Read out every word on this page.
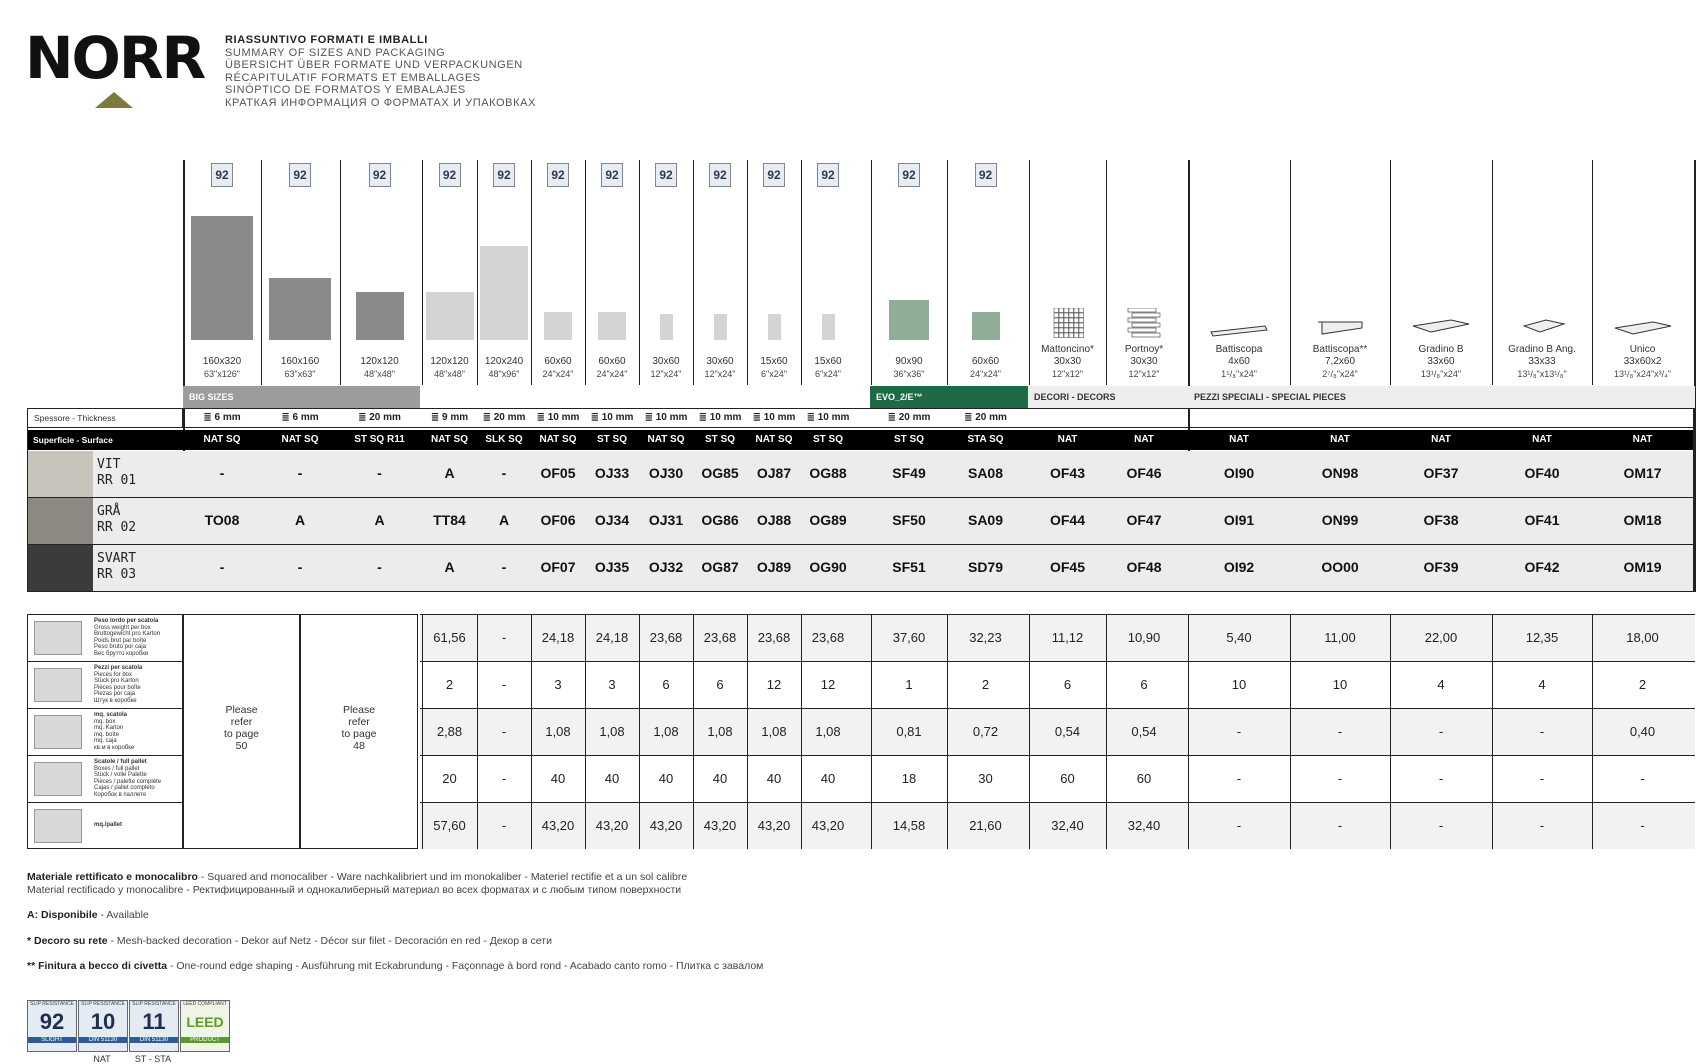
NORR RIASSUNTIVO FORMATI E IMBALLI
SUMMARY OF SIZES AND PACKAGING
ÜBERSICHT ÜBER FORMATE UND VERPACKUNGEN
RÉCAPITULATIF FORMATS ET EMBALLAGES
SINÓPTICO DE FORMATOS Y EMBALAJES
КРАТКАЯ ИНФОРМАЦИЯ О ФОРМАТАХ И УПАКОВКАХ
92
160x320
63"x126"
92
160x160
63"x63"
92
120x120
48"x48"
92
120x120
48"x48"
92
120x240
48"x96"
92
60x60
24"x24"
92
60x60
24"x24"
92
30x60
12"x24"
92
30x60
12"x24"
92
15x60
6"x24"
92
15x60
6"x24"
92
90x90
36"x36"
92
60x60
24"x24"
Mattoncino*
30x30
12"x12"
Portnoy*
30x30
12"x12"
Battiscopa
4x60
1⁵/₈"x24"
Battiscopa**
7,2x60
2⁷/₈"x24"
Gradino B
33x60
13¹/₈"x24"
Gradino B Ang.
33x33
13¹/₈"x13¹/₈"
Unico
33x60x2
13¹/₈"x24"x³/₄"
BIG SIZES	EVO_2/E™	DECORI - DECORS	PEZZI SPECIALI - SPECIAL PIECES
Spessore - Thickness	≣ 6 mm	≣ 6 mm	≣ 20 mm	≣ 9 mm	≣ 20 mm	≣ 10 mm	≣ 10 mm	≣ 10 mm	≣ 10 mm	≣ 10 mm	≣ 10 mm	≣ 20 mm	≣ 20 mm
Superficie - Surface	NAT SQ	NAT SQ	ST SQ R11	NAT SQ	SLK SQ	NAT SQ	ST SQ	NAT SQ	ST SQ	NAT SQ	ST SQ	ST SQ	STA SQ	NAT	NAT	NAT	NAT	NAT	NAT	NAT
VIT
RR 01	-	-	-	A	-	OF05	OJ33	OJ30	OG85	OJ87	OG88	SF49	SA08	OF43	OF46	OI90	ON98	OF37	OF40	OM17
GRÅ
RR 02	TO08	A	A	TT84	A	OF06	OJ34	OJ31	OG86	OJ88	OG89	SF50	SA09	OF44	OF47	OI91	ON99	OF38	OF41	OM18
SVART
RR 03	-	-	-	A	-	OF07	OJ35	OJ32	OG87	OJ89	OG90	SF51	SD79	OF45	OF48	OI92	OO00	OF39	OF42	OM19
Peso lordo per scatola
Gross weight per box
Bruttogewicht pro Karton
Poids brut par boîte
Peso bruto por caja
Вес брутто коробки
61,56	-	24,18	24,18	23,68	23,68	23,68	23,68	37,60	32,23	11,12	10,90	5,40	11,00	22,00	12,35	18,00
Pezzi per scatola
Pieces for box
Stück pro Karton
Pièces pour boîte
Piezas por caja
Штук в коробке
2	-	3	3	6	6	12	12	1	2	6	6	10	10	4	4	2
mq. scatola
mq. box
mq. Karton
mq. boîte
mq. caja
кв.м в коробке
2,88	-	1,08	1,08	1,08	1,08	1,08	1,08	0,81	0,72	0,54	0,54	-	-	-	-	0,40
Scatole / full pallet
Boxes / full pallet
Stück / volle Palette
Pièces / palette complète
Cajas / pallet completo
Коробок в паллете
20	-	40	40	40	40	40	40	18	30	60	60	-	-	-	-	-
mq./pallet	57,60	-	43,20	43,20	43,20	43,20	43,20	43,20	14,58	21,60	32,40	32,40	-	-	-	-	-
Please
refer
to page
50
Please
refer
to page
48
Materiale rettificato e monocalibro - Squared and monocaliber - Ware nachkalibriert und im monokaliber - Materiel rectifie et a un sol calibre
Material rectificado y monocalibre - Ректифицированный и однокалиберный материал во всех форматах и с любым типом поверхности
A: Disponibile - Available
* Decoro su rete - Mesh-backed decoration - Dekor auf Netz - Décor sur filet - Decoración en red - Декор в сети
** Finitura a becco di civetta - One-round edge shaping - Ausführung mit Eckabrundung - Façonnage à bord rond - Acabado canto romo - Плитка с завалом
SLIP RESISTANCE
92
SLIGHT
SLIP RESISTANCE
10
DIN 51130
SLIP RESISTANCE
11
DIN 51130
LEED COMPLIANT
LEED
PRODUCT
NAT	ST - STA
